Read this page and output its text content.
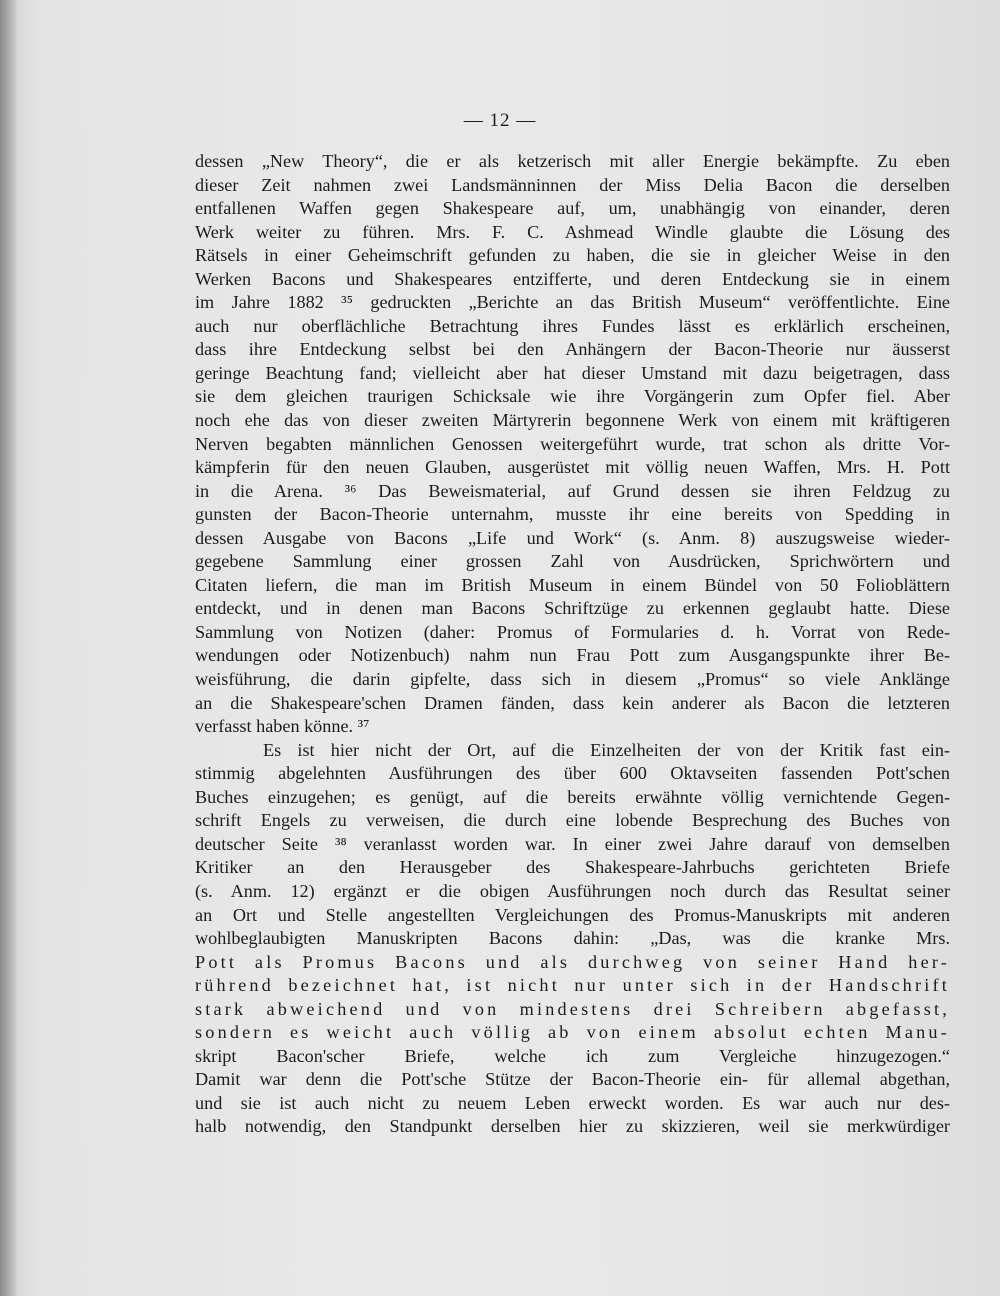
— 12 —
dessen „New Theory“, die er als ketzerisch mit aller Energie bekämpfte. Zu eben
dieser Zeit nahmen zwei Landsmänninnen der Miss Delia Bacon die derselben
entfallenen Waffen gegen Shakespeare auf, um, unabhängig von einander, deren
Werk weiter zu führen. Mrs. F. C. Ashmead Windle glaubte die Lösung des
Rätsels in einer Geheimschrift gefunden zu haben, die sie in gleicher Weise in den
Werken Bacons und Shakespeares entzifferte, und deren Entdeckung sie in einem
im Jahre 1882 ³⁵ gedruckten „Berichte an das British Museum“ veröffentlichte. Eine
auch nur oberflächliche Betrachtung ihres Fundes lässt es erklärlich erscheinen,
dass ihre Entdeckung selbst bei den Anhängern der Bacon-Theorie nur äusserst
geringe Beachtung fand; vielleicht aber hat dieser Umstand mit dazu beigetragen, dass
sie dem gleichen traurigen Schicksale wie ihre Vorgängerin zum Opfer fiel. Aber
noch ehe das von dieser zweiten Märtyrerin begonnene Werk von einem mit kräftigeren
Nerven begabten männlichen Genossen weitergeführt wurde, trat schon als dritte Vor-
kämpferin für den neuen Glauben, ausgerüstet mit völlig neuen Waffen, Mrs. H. Pott
in die Arena. ³⁶ Das Beweismaterial, auf Grund dessen sie ihren Feldzug zu
gunsten der Bacon-Theorie unternahm, musste ihr eine bereits von Spedding in
dessen Ausgabe von Bacons „Life und Work“ (s. Anm. 8) auszugsweise wieder-
gegebene Sammlung einer grossen Zahl von Ausdrücken, Sprichwörtern und
Citaten liefern, die man im British Museum in einem Bündel von 50 Folioblättern
entdeckt, und in denen man Bacons Schriftzüge zu erkennen geglaubt hatte. Diese
Sammlung von Notizen (daher: Promus of Formularies d. h. Vorrat von Rede-
wendungen oder Notizenbuch) nahm nun Frau Pott zum Ausgangspunkte ihrer Be-
weisführung, die darin gipfelte, dass sich in diesem „Promus“ so viele Anklänge
an die Shakespeare'schen Dramen fänden, dass kein anderer als Bacon die letzteren
verfasst haben könne. ³⁷
Es ist hier nicht der Ort, auf die Einzelheiten der von der Kritik fast ein-
stimmig abgelehnten Ausführungen des über 600 Oktavseiten fassenden Pott'schen
Buches einzugehen; es genügt, auf die bereits erwähnte völlig vernichtende Gegen-
schrift Engels zu verweisen, die durch eine lobende Besprechung des Buches von
deutscher Seite ³⁸ veranlasst worden war. In einer zwei Jahre darauf von demselben
Kritiker an den Herausgeber des Shakespeare-Jahrbuchs gerichteten Briefe
(s. Anm. 12) ergänzt er die obigen Ausführungen noch durch das Resultat seiner
an Ort und Stelle angestellten Vergleichungen des Promus-Manuskripts mit anderen
wohlbeglaubigten Manuskripten Bacons dahin: „Das, was die kranke Mrs.
Pott als Promus Bacons und als durchweg von seiner Hand her-
rührend bezeichnet hat, ist nicht nur unter sich in der Handschrift
stark abweichend und von mindestens drei Schreibern abgefasst,
sondern es weicht auch völlig ab von einem absolut echten Manu-
skript Bacon'scher Briefe, welche ich zum Vergleiche hinzugezogen.“
Damit war denn die Pott'sche Stütze der Bacon-Theorie ein- für allemal abgethan,
und sie ist auch nicht zu neuem Leben erweckt worden. Es war auch nur des-
halb notwendig, den Standpunkt derselben hier zu skizzieren, weil sie merkwürdiger
